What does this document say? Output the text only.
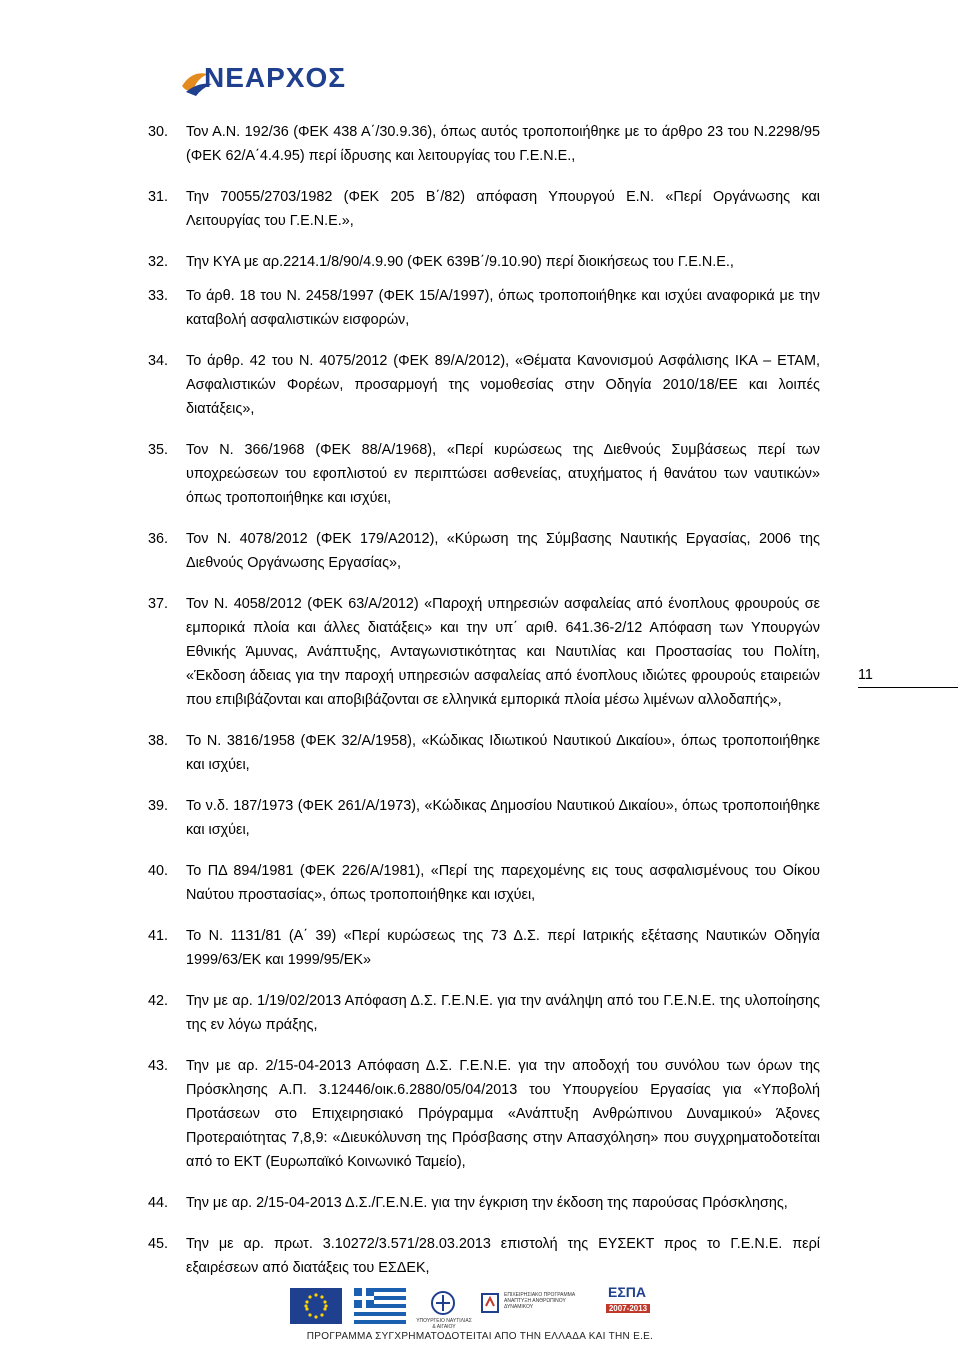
ΝΕΑΡΧΟΣ
30. Τον Α.Ν. 192/36 (ΦΕΚ 438 Α΄/30.9.36), όπως αυτός τροποποιήθηκε με το άρθρο 23 του Ν.2298/95 (ΦΕΚ 62/Α΄4.4.95) περί ίδρυσης και λειτουργίας του Γ.Ε.Ν.Ε.,
31. Την 70055/2703/1982 (ΦΕΚ 205 Β΄/82) απόφαση Υπουργού Ε.Ν. «Περί Οργάνωσης και Λειτουργίας του Γ.Ε.Ν.Ε.»,
32. Την ΚΥΑ με αρ.2214.1/8/90/4.9.90 (ΦΕΚ 639Β΄/9.10.90) περί διοικήσεως του Γ.Ε.Ν.Ε.,
33. Το άρθ. 18 του Ν. 2458/1997 (ΦΕΚ 15/Α/1997), όπως τροποποιήθηκε και ισχύει αναφορικά με την καταβολή ασφαλιστικών εισφορών,
34. Το άρθρ. 42 του Ν. 4075/2012 (ΦΕΚ 89/Α/2012), «Θέματα Κανονισμού Ασφάλισης ΙΚΑ – ΕΤΑΜ, Ασφαλιστικών Φορέων, προσαρμογή της νομοθεσίας στην Οδηγία 2010/18/ΕΕ και λοιπές διατάξεις»,
35. Τον Ν. 366/1968 (ΦΕΚ 88/Α/1968), «Περί κυρώσεως της Διεθνούς Συμβάσεως περί των υποχρεώσεων του εφοπλιστού εν περιπτώσει ασθενείας, ατυχήματος ή θανάτου των ναυτικών» όπως τροποποιήθηκε και ισχύει,
36. Τον Ν. 4078/2012 (ΦΕΚ 179/Α2012), «Κύρωση της Σύμβασης Ναυτικής Εργασίας, 2006 της Διεθνούς Οργάνωσης Εργασίας»,
37. Τον Ν. 4058/2012 (ΦΕΚ 63/Α/2012) «Παροχή υπηρεσιών ασφαλείας από ένοπλους φρουρούς σε εμπορικά πλοία και άλλες διατάξεις» και την υπ΄ αριθ. 641.36-2/12 Απόφαση των Υπουργών Εθνικής Άμυνας, Ανάπτυξης, Ανταγωνιστικότητας και Ναυτιλίας και Προστασίας του Πολίτη, «Έκδοση άδειας για την παροχή υπηρεσιών ασφαλείας από ένοπλους ιδιώτες φρουρούς εταιρειών που επιβιβάζονται και αποβιβάζονται σε ελληνικά εμπορικά πλοία μέσω λιμένων αλλοδαπής»,
38. Το Ν. 3816/1958 (ΦΕΚ 32/Α/1958), «Κώδικας Ιδιωτικού Ναυτικού Δικαίου», όπως τροποποιήθηκε και ισχύει,
39. Το ν.δ. 187/1973 (ΦΕΚ 261/Α/1973), «Κώδικας Δημοσίου Ναυτικού Δικαίου», όπως τροποποιήθηκε και ισχύει,
40. Το ΠΔ 894/1981 (ΦΕΚ 226/Α/1981), «Περί της παρεχομένης εις τους ασφαλισμένους του Οίκου Ναύτου προστασίας», όπως τροποποιήθηκε και ισχύει,
41. Το Ν. 1131/81 (Α΄ 39) «Περί κυρώσεως της 73 Δ.Σ. περί Ιατρικής εξέτασης Ναυτικών Οδηγία 1999/63/ΕΚ και 1999/95/ΕΚ»
42. Την με αρ. 1/19/02/2013 Απόφαση Δ.Σ. Γ.Ε.Ν.Ε. για την ανάληψη από του Γ.Ε.Ν.Ε. της υλοποίησης της εν λόγω πράξης,
43. Την με αρ. 2/15-04-2013 Απόφαση Δ.Σ. Γ.Ε.Ν.Ε. για την αποδοχή του συνόλου των όρων της Πρόσκλησης Α.Π. 3.12446/οικ.6.2880/05/04/2013 του Υπουργείου Εργασίας για «Υποβολή Προτάσεων στο Επιχειρησιακό Πρόγραμμα «Ανάπτυξη Ανθρώπινου Δυναμικού» Άξονες Προτεραιότητας 7,8,9: «Διευκόλυνση της Πρόσβασης στην Απασχόληση» που συγχρηματοδοτείται από το ΕΚΤ (Ευρωπαϊκό Κοινωνικό Ταμείο),
44. Την με αρ. 2/15-04-2013 Δ.Σ./Γ.Ε.Ν.Ε. για την έγκριση την έκδοση της παρούσας Πρόσκλησης,
45. Την με αρ. πρωτ. 3.10272/3.571/28.03.2013 επιστολή της ΕΥΣΕΚΤ προς το Γ.Ε.Ν.Ε. περί εξαιρέσεων από διατάξεις του ΕΣΔΕΚ,
11
ΥΠΟΥΡΓΕΙΟ ΝΑΥΤΙΛΙΑΣ & ΑΙΓΑΙΟΥ
ΕΠΙΧΕΙΡΗΣΙΑΚΟ ΠΡΟΓΡΑΜΜΑ ΑΝΑΠΤΥΞΗ ΑΝΘΡΩΠΙΝΟΥ ΔΥΝΑΜΙΚΟΥ
ΕΣΠΑ
2007-2013
ΠΡΟΓΡΑΜΜΑ ΣΥΓΧΡΗΜΑΤΟΔΟΤΕΙΤΑΙ ΑΠΟ ΤΗΝ ΕΛΛΑΔΑ ΚΑΙ ΤΗΝ Ε.Ε.
